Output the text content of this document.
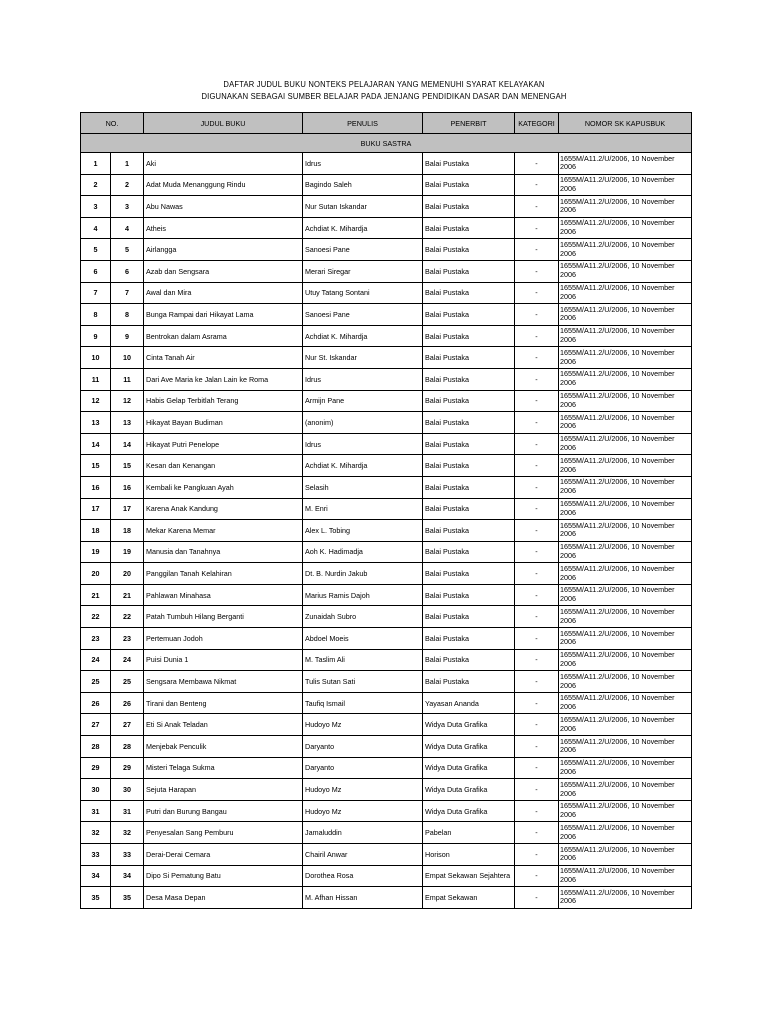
DAFTAR JUDUL BUKU NONTEKS PELAJARAN YANG MEMENUHI SYARAT KELAYAKAN
DIGUNAKAN SEBAGAI SUMBER BELAJAR PADA JENJANG PENDIDIKAN DASAR DAN MENENGAH
NO.		JUDUL BUKU	PENULIS	PENERBIT	KATEGORI	NOMOR SK KAPUSBUK
BUKU SASTRA						
1	1	Aki	Idrus	Balai Pustaka	-	1655M/A11.2/U/2006, 10 November 2006
2	2	Adat Muda Menanggung Rindu	Bagindo Saleh	Balai Pustaka	-	1655M/A11.2/U/2006, 10 November 2006
3	3	Abu Nawas	Nur Sutan Iskandar	Balai Pustaka	-	1655M/A11.2/U/2006, 10 November 2006
4	4	Atheis	Achdiat K. Mihardja	Balai Pustaka	-	1655M/A11.2/U/2006, 10 November 2006
5	5	Airlangga	Sanoesi Pane	Balai Pustaka	-	1655M/A11.2/U/2006, 10 November 2006
6	6	Azab dan Sengsara	Merari Siregar	Balai Pustaka	-	1655M/A11.2/U/2006, 10 November 2006
7	7	Awal dan Mira	Utuy Tatang Sontani	Balai Pustaka	-	1655M/A11.2/U/2006, 10 November 2006
8	8	Bunga Rampai dari Hikayat Lama	Sanoesi Pane	Balai Pustaka	-	1655M/A11.2/U/2006, 10 November 2006
9	9	Bentrokan dalam Asrama	Achdiat K. Mihardja	Balai Pustaka	-	1655M/A11.2/U/2006, 10 November 2006
10	10	Cinta Tanah Air	Nur St. Iskandar	Balai Pustaka	-	1655M/A11.2/U/2006, 10 November 2006
11	11	Dari Ave Maria ke Jalan Lain ke Roma	Idrus	Balai Pustaka	-	1655M/A11.2/U/2006, 10 November 2006
12	12	Habis Gelap Terbitlah Terang	Armijn Pane	Balai Pustaka	-	1655M/A11.2/U/2006, 10 November 2006
13	13	Hikayat Bayan Budiman	(anonim)	Balai Pustaka	-	1655M/A11.2/U/2006, 10 November 2006
14	14	Hikayat Putri Penelope	Idrus	Balai Pustaka	-	1655M/A11.2/U/2006, 10 November 2006
15	15	Kesan dan Kenangan	Achdiat K. Mihardja	Balai Pustaka	-	1655M/A11.2/U/2006, 10 November 2006
16	16	Kembali ke Pangkuan Ayah	Selasih	Balai Pustaka	-	1655M/A11.2/U/2006, 10 November 2006
17	17	Karena Anak Kandung	M. Enri	Balai Pustaka	-	1655M/A11.2/U/2006, 10 November 2006
18	18	Mekar Karena Memar	Alex L. Tobing	Balai Pustaka	-	1655M/A11.2/U/2006, 10 November 2006
19	19	Manusia dan Tanahnya	Aoh K. Hadimadja	Balai Pustaka	-	1655M/A11.2/U/2006, 10 November 2006
20	20	Panggilan Tanah Kelahiran	Dt. B. Nurdin Jakub	Balai Pustaka	-	1655M/A11.2/U/2006, 10 November 2006
21	21	Pahlawan Minahasa	Marius Ramis Dajoh	Balai Pustaka	-	1655M/A11.2/U/2006, 10 November 2006
22	22	Patah Tumbuh Hilang Berganti	Zunaidah Subro	Balai Pustaka	-	1655M/A11.2/U/2006, 10 November 2006
23	23	Pertemuan Jodoh	Abdoel Moeis	Balai Pustaka	-	1655M/A11.2/U/2006, 10 November 2006
24	24	Puisi Dunia 1	M. Taslim Ali	Balai Pustaka	-	1655M/A11.2/U/2006, 10 November 2006
25	25	Sengsara Membawa Nikmat	Tulis Sutan Sati	Balai Pustaka	-	1655M/A11.2/U/2006, 10 November 2006
26	26	Tirani dan Benteng	Taufiq Ismail	Yayasan Ananda	-	1655M/A11.2/U/2006, 10 November 2006
27	27	Eti Si Anak Teladan	Hudoyo Mz	Widya Duta Grafika	-	1655M/A11.2/U/2006, 10 November 2006
28	28	Menjebak Penculik	Daryanto	Widya Duta Grafika	-	1655M/A11.2/U/2006, 10 November 2006
29	29	Misteri Telaga Sukma	Daryanto	Widya Duta Grafika	-	1655M/A11.2/U/2006, 10 November 2006
30	30	Sejuta Harapan	Hudoyo Mz	Widya Duta Grafika	-	1655M/A11.2/U/2006, 10 November 2006
31	31	Putri dan Burung Bangau	Hudoyo Mz	Widya Duta Grafika	-	1655M/A11.2/U/2006, 10 November 2006
32	32	Penyesalan Sang Pemburu	Jamaluddin	Pabelan	-	1655M/A11.2/U/2006, 10 November 2006
33	33	Derai-Derai Cemara	Chairil Anwar	Horison	-	1655M/A11.2/U/2006, 10 November 2006
34	34	Dipo Si Pematung Batu	Dorothea Rosa	Empat Sekawan Sejahtera	-	1655M/A11.2/U/2006, 10 November 2006
35	35	Desa Masa Depan	M. Afhan Hissan	Empat Sekawan	-	1655M/A11.2/U/2006, 10 November 2006
